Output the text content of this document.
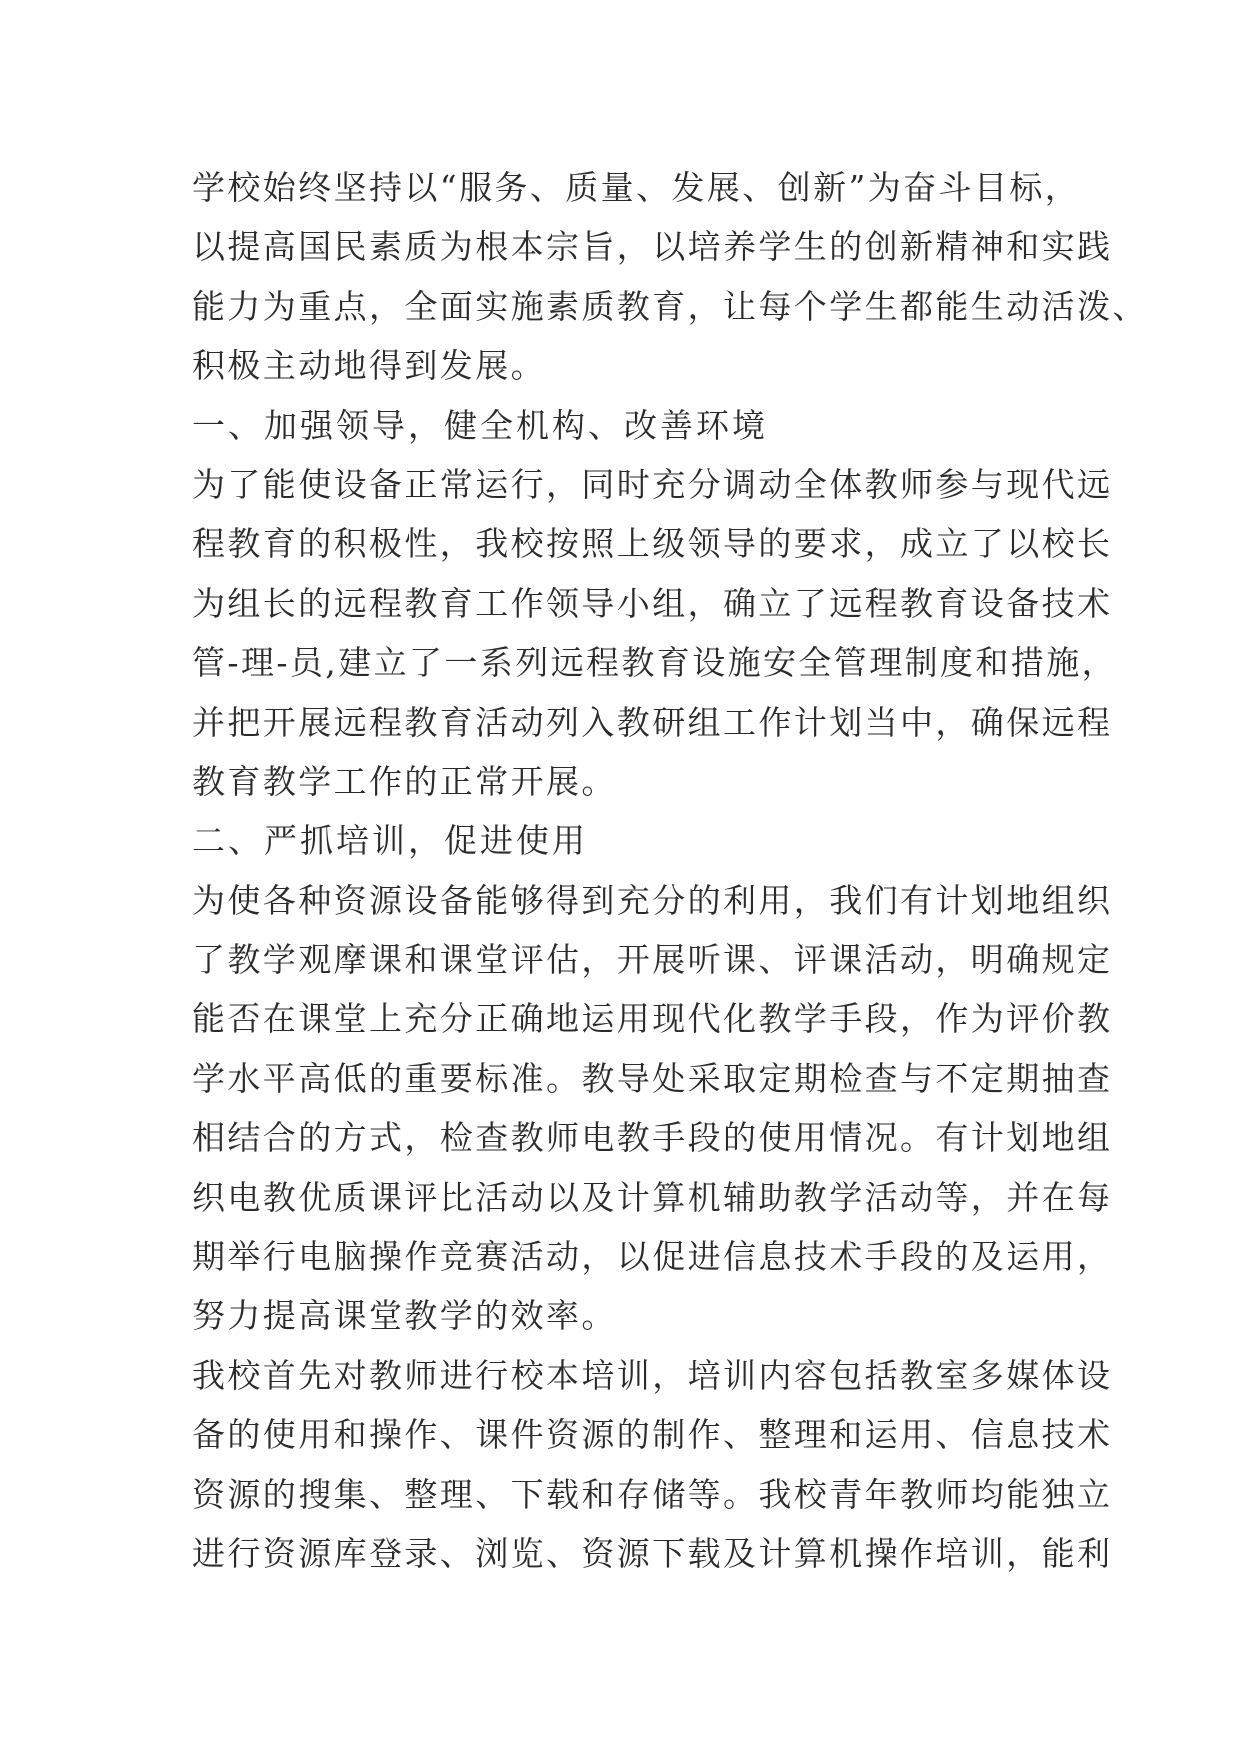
学校始终坚持以“服务、质量、发展、创新”为奋斗目标，

以提高国民素质为根本宗旨，以培养学生的创新精神和实践

能力为重点，全面实施素质教育，让每个学生都能生动活泼、

积极主动地得到发展。

一、加强领导，健全机构、改善环境

为了能使设备正常运行，同时充分调动全体教师参与现代远

程教育的积极性，我校按照上级领导的要求，成立了以校长

为组长的远程教育工作领导小组，确立了远程教育设备技术

管-理-员,建立了一系列远程教育设施安全管理制度和措施，

并把开展远程教育活动列入教研组工作计划当中，确保远程

教育教学工作的正常开展。

二、严抓培训，促进使用

为使各种资源设备能够得到充分的利用，我们有计划地组织

了教学观摩课和课堂评估，开展听课、评课活动，明确规定

能否在课堂上充分正确地运用现代化教学手段，作为评价教

学水平高低的重要标准。教导处采取定期检查与不定期抽查

相结合的方式，检查教师电教手段的使用情况。有计划地组

织电教优质课评比活动以及计算机辅助教学活动等，并在每

期举行电脑操作竞赛活动，以促进信息技术手段的及运用，

努力提高课堂教学的效率。

我校首先对教师进行校本培训，培训内容包括教室多媒体设

备的使用和操作、课件资源的制作、整理和运用、信息技术

资源的搜集、整理、下载和存储等。我校青年教师均能独立

进行资源库登录、浏览、资源下载及计算机操作培训，能利
